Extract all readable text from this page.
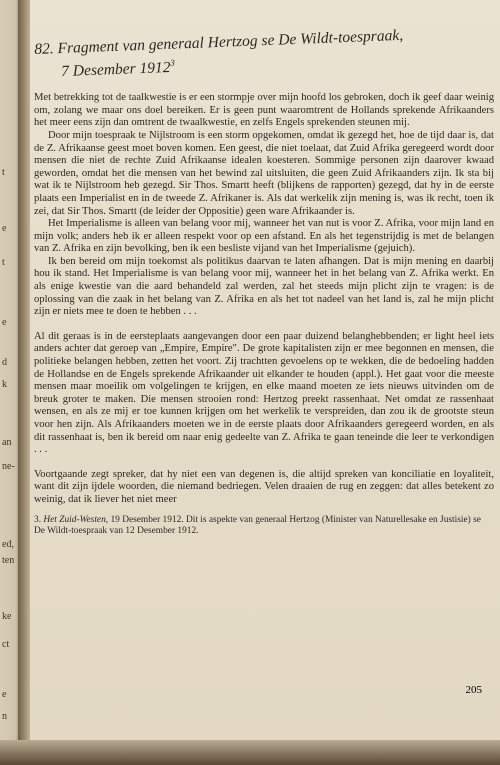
t
e
t
e
d
k
an
ne-
ed,
ten
ke
ct
e
n
82. Fragment van generaal Hertzog se De Wildt-toespraak,
7 Desember 1912$^3$

Met betrekking tot de taalkwestie is er een stormpje over mijn hoofd los gebroken, doch ik geef daar weinig om, zolang we maar ons doel bereiken. Er is geen punt waaromtrent de Hollands sprekende Afrikaanders het meer eens zijn dan omtrent de twaalkwestie, en zelfs Engels sprekenden steunen mij.

Door mijn toespraak te Nijlstroom is een storm opgekomen, omdat ik gezegd het, hoe de tijd daar is, dat de Z. Afrikaanse geest moet boven komen. Een geest, die niet toelaat, dat Zuid Afrika geregeerd wordt door mensen die niet de rechte Zuid Afrikaanse idealen koesteren. Sommige personen zijn daarover kwaad geworden, omdat het die mensen van het bewind zal uitsluiten, die geen Zuid Afrikaanders zijn. Ik sta bij wat ik te Nijlstroom heb gezegd. Sir Thos. Smartt heeft (blijkens de rapporten) gezegd, dat hy in de eerste plaats een Imperialist en in de tweede Z. Afrikaner is. Als dat werkelik zijn mening is, was ik recht, toen ik zei, dat Sir Thos. Smartt (de leider der Oppositie) geen ware Afrikaander is.

Het Imperialisme is alleen van belang voor mij, wanneer het van nut is voor Z. Afrika, voor mijn land en mijn volk; anders heb ik er alleen respekt voor op een afstand. En als het tegenstrijdig is met de belangen van Z. Afrika en zijn bevolking, ben ik een besliste vijand van het Imperialisme (gejuich).

Ik ben bereid om mijn toekomst als politikus daarvan te laten afhangen. Dat is mijn mening en daarbij hou ik stand. Het Imperialisme is van belang voor mij, wanneer het in het belang van Z. Afrika werkt. En als enige kwestie van die aard behandeld zal werden, zal het steeds mijn plicht zijn te vragen: is de oplossing van die zaak in het belang van Z. Afrika en als het tot nadeel van het land is, zal he mijn plicht zijn er niets mee te doen te hebben . . .

Al dit geraas is in de eersteplaats aangevangen door een paar duizend belanghebbenden; er light heel iets anders achter dat geroep van „Empire, Empire". De grote kapitalisten zijn er mee begonnen en mensen, die politieke belangen hebben, zetten het voort. Zij trachtten gevoelens op te wekken, die de bedoeling hadden de Hollandse en de Engels sprekende Afrikaander uit elkander te houden (appl.). Het gaat voor die meeste mensen maar moeilik om volgelingen te krijgen, en elke maand moeten ze iets nieuws uitvinden om de breuk groter te maken. Die mensen strooien rond: Hertzog preekt rassenhaat. Net omdat ze rassenhaat wensen, en als ze mij er toe kunnen krijgen om het werkelik te verspreiden, dan zou ik de grootste steun voor hen zijn. Als Afrikaanders moeten we in de eerste plaats door Afrikaanders geregeerd worden, en als dit rassenhaat is, ben ik bereid om naar enig gedeelte van Z. Afrika te gaan teneinde die leer te verkondigen . . .

Voortgaande zegt spreker, dat hy niet een van degenen is, die altijd spreken van konciliatie en loyaliteit, want dit zijn ijdele woorden, die niemand bedriegen. Velen draaien de rug en zeggen: dat alles betekent zo weinig, dat ik liever het niet meer

3. Het Zuid-Westen, 19 Desember 1912. Dit is aspekte van generaal Hertzog (Minister van Naturellesake en Justisie) se De Wildt-toespraak van 12 Desember 1912.
205
